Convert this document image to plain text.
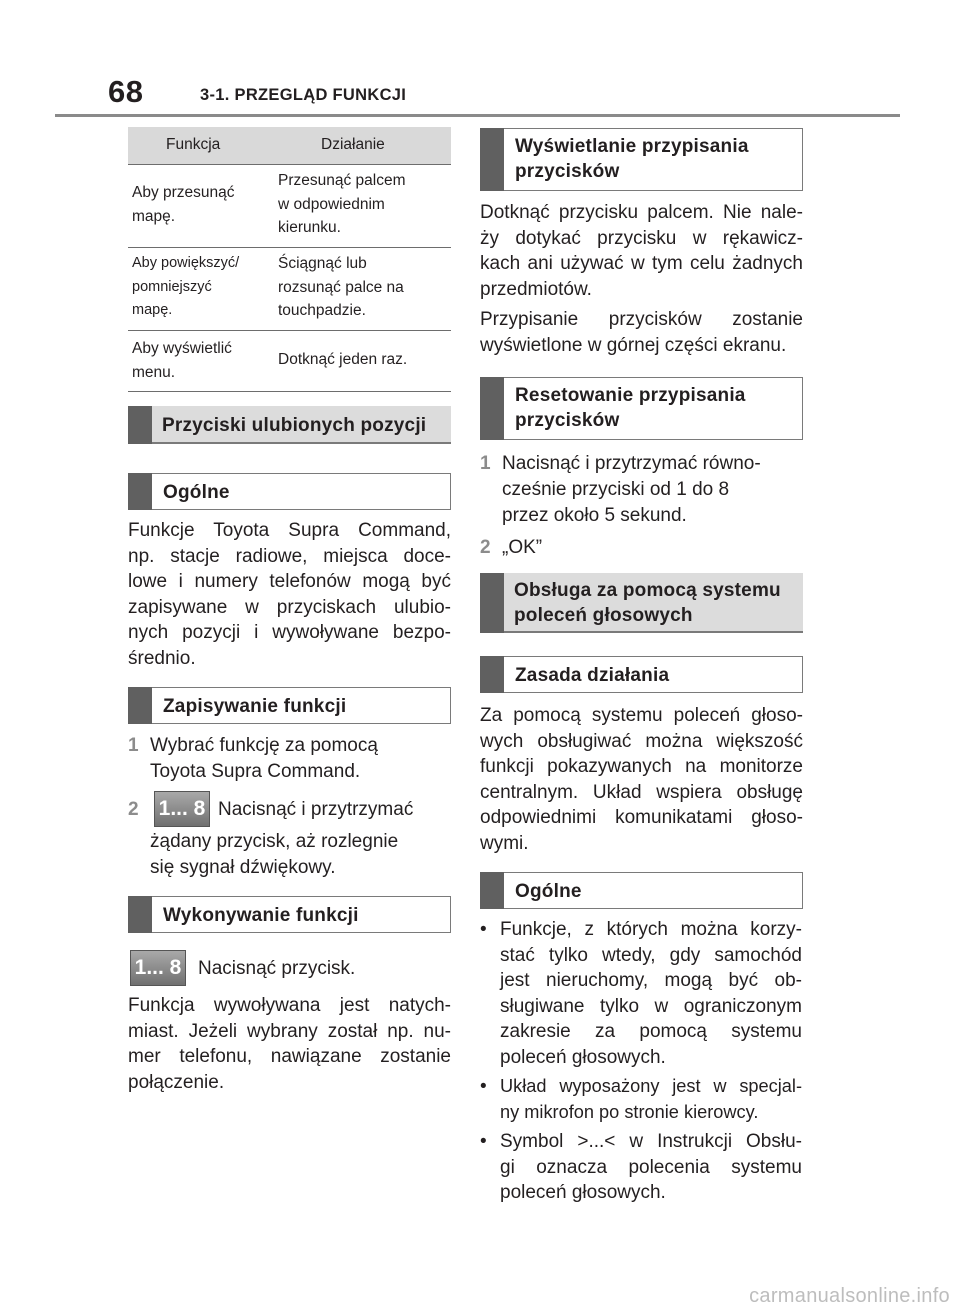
68	3-1. PRZEGLĄD FUNKCJI
Funkcja	Działanie
Aby przesunąć
mapę.
Przesunąć palcem
w odpowiednim
kierunku.
Aby powiększyć/
pomniejszyć
mapę.
Ściągnąć lub
rozsunąć palce na
touchpadzie.
Aby wyświetlić
menu.
Dotknąć jeden raz.
Przyciski ulubionych pozycji
Ogólne
Funkcje Toyota Supra Command,
np. stacje radiowe, miejsca doce-
lowe i numery telefonów mogą być
zapisywane w przyciskach ulubio-
nych pozycji i wywoływane bezpo-
średnio.
Zapisywanie funkcji
1 Wybrać funkcję za pomocą
Toyota Supra Command.
2 1... 8 Nacisnąć i przytrzymać
żądany przycisk, aż rozlegnie
się sygnał dźwiękowy.
Wykonywanie funkcji
1... 8 Nacisnąć przycisk.
Funkcja wywoływana jest natych-
miast. Jeżeli wybrany został np. nu-
mer telefonu, nawiązane zostanie
połączenie.
Wyświetlanie przypisania
przycisków
Dotknąć przycisku palcem. Nie nale-
ży dotykać przycisku w rękawicz-
kach ani używać w tym celu żadnych
przedmiotów.
Przypisanie przycisków zostanie
wyświetlone w górnej części ekranu.
Resetowanie przypisania
przycisków
1 Nacisnąć i przytrzymać równo-
cześnie przyciski od 1 do 8
przez około 5 sekund.
2 „OK”
Obsługa za pomocą systemu
poleceń głosowych
Zasada działania
Za pomocą systemu poleceń głoso-
wych obsługiwać można większość
funkcji pokazywanych na monitorze
centralnym. Układ wspiera obsługę
odpowiednimi komunikatami głoso-
wymi.
Ogólne
• Funkcje, z których można korzy-
stać tylko wtedy, gdy samochód
jest nieruchomy, mogą być ob-
sługiwane tylko w ograniczonym
zakresie za pomocą systemu
poleceń głosowych.
• Układ wyposażony jest w specjal-
ny mikrofon po stronie kierowcy.
• Symbol >...< w Instrukcji Obsłu-
gi oznacza polecenia systemu
poleceń głosowych.
carmanualsonline.info
